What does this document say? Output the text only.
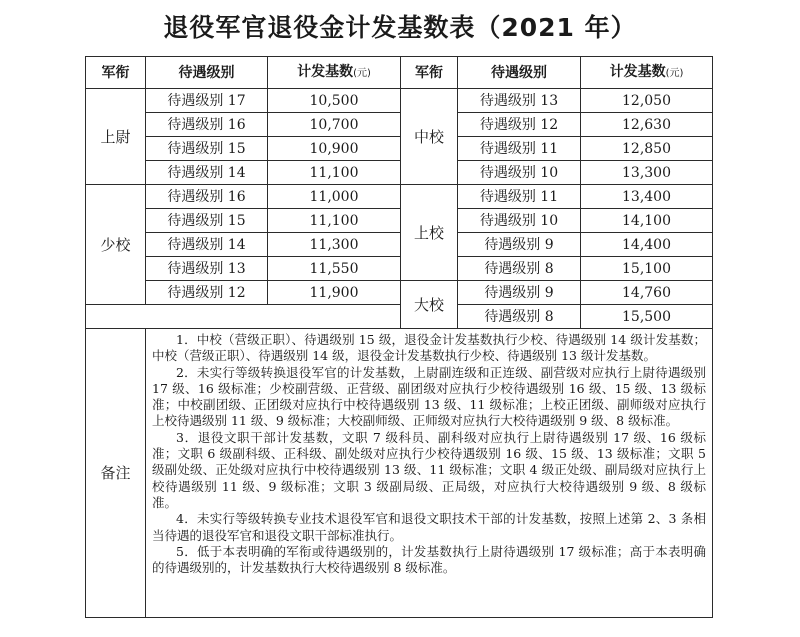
退役军官退役金计发基数表（2021 年）
军衔	待遇级别	计发基数(元)	军衔	待遇级别	计发基数(元)
上尉	待遇级别 17	10,500	中校	待遇级别 13	12,050
	待遇级别 16	10,700		待遇级别 12	12,630
	待遇级别 15	10,900		待遇级别 11	12,850
	待遇级别 14	11,100		待遇级别 10	13,300
少校	待遇级别 16	11,000	上校	待遇级别 11	13,400
	待遇级别 15	11,100		待遇级别 10	14,100
	待遇级别 14	11,300		待遇级别 9	14,400
	待遇级别 13	11,550		待遇级别 8	15,100
	待遇级别 12	11,900	大校	待遇级别 9	14,760
				待遇级别 8	15,500
备注	1．中校（营级正职）、待遇级别 15 级，退役金计发基数执行少校、待遇级别 14 级计发基数；中校（营级正职）、待遇级别 14 级，退役金计发基数执行少校、待遇级别 13 级计发基数。

2．未实行等级转换退役军官的计发基数，上尉副连级和正连级、副营级对应执行上尉待遇级别 17 级、16 级标准；少校副营级、正营级、副团级对应执行少校待遇级别 16 级、15 级、13 级标准；中校副团级、正团级对应执行中校待遇级别 13 级、11 级标准；上校正团级、副师级对应执行上校待遇级别 11 级、9 级标准；大校副师级、正师级对应执行大校待遇级别 9 级、8 级标准。

3．退役文职干部计发基数，文职 7 级科员、副科级对应执行上尉待遇级别 17 级、16 级标准；文职 6 级副科级、正科级、副处级对应执行少校待遇级别 16 级、15 级、13 级标准；文职 5 级副处级、正处级对应执行中校待遇级别 13 级、11 级标准；文职 4 级正处级、副局级对应执行上校待遇级别 11 级、9 级标准；文职 3 级副局级、正局级，对应执行大校待遇级别 9 级、8 级标准。

4．未实行等级转换专业技术退役军官和退役文职技术干部的计发基数，按照上述第 2、3 条相当待遇的退役军官和退役文职干部标准执行。

5．低于本表明确的军衔或待遇级别的，计发基数执行上尉待遇级别 17 级标准；高于本表明确的待遇级别的，计发基数执行大校待遇级别 8 级标准。				
